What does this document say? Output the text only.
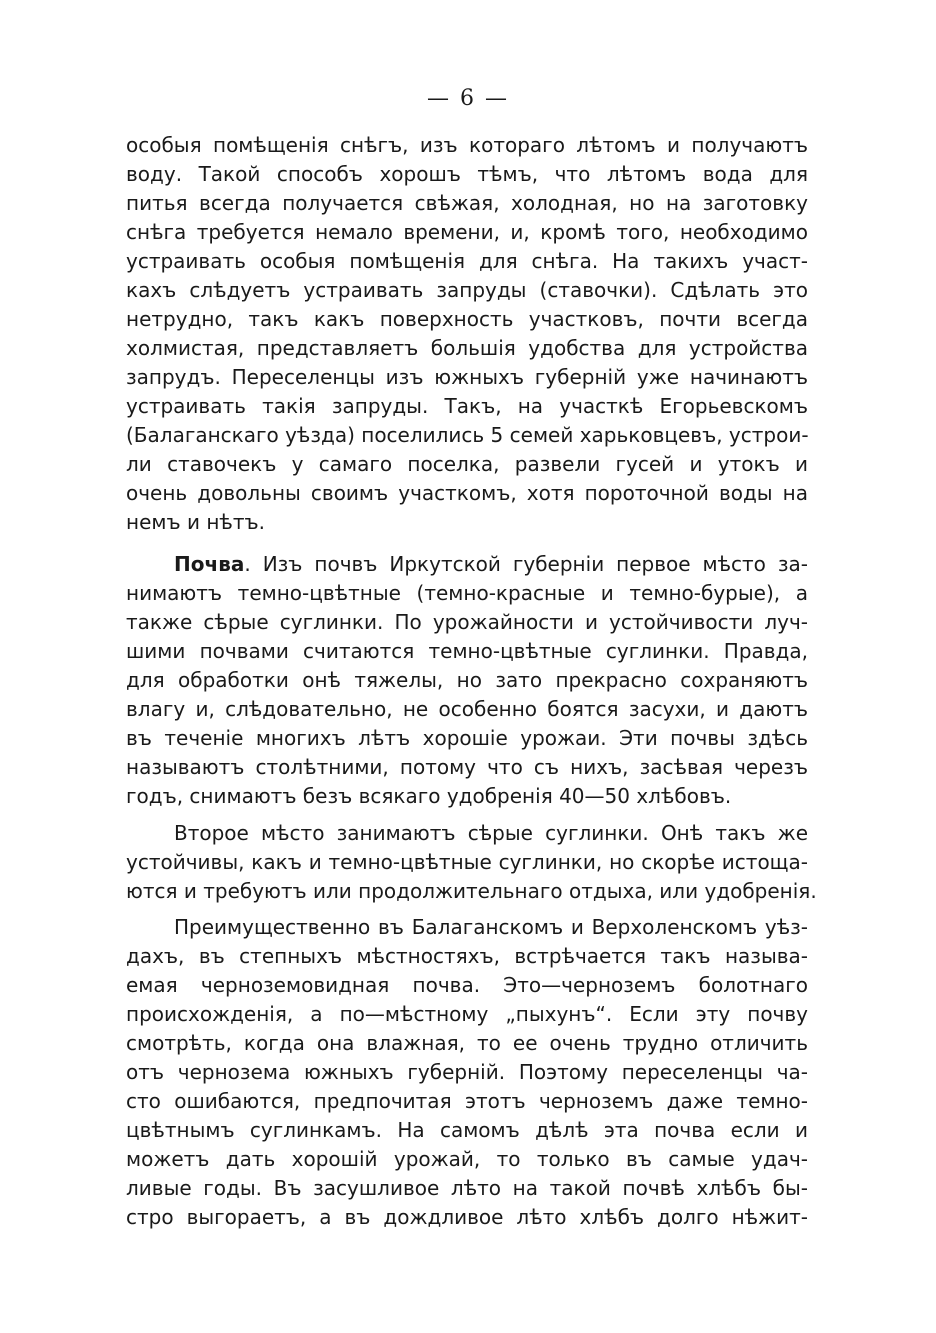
— 6 —
особыя помѣщенія снѣгъ, изъ котораго лѣтомъ и получаютъ
воду. Такой способъ хорошъ тѣмъ, что лѣтомъ вода для
питья всегда получается свѣжая, холодная, но на заготовку
снѣга требуется немало времени, и, кромѣ того, необходимо
устраивать особыя помѣщенія для снѣга. На такихъ участ-
кахъ слѣдуетъ устраивать запруды (ставочки). Сдѣлать это
нетрудно, такъ какъ поверхность участковъ, почти всегда
холмистая, представляетъ большія удобства для устройства
запрудъ. Переселенцы изъ южныхъ губерній уже начинаютъ
устраивать такія запруды. Такъ, на участкѣ Егорьевскомъ
(Балаганскаго уѣзда) поселились 5 семей харьковцевъ, устрои-
ли ставочекъ у самаго поселка, развели гусей и утокъ и
очень довольны своимъ участкомъ, хотя пороточной воды на
немъ и нѣтъ.
Почва. Изъ почвъ Иркутской губерніи первое мѣсто за-
нимаютъ темно-цвѣтные (темно-красные и темно-бурые), а
также сѣрые суглинки. По урожайности и устойчивости луч-
шими почвами считаются темно-цвѣтные суглинки. Правда,
для обработки онѣ тяжелы, но зато прекрасно сохраняютъ
влагу и, слѣдовательно, не особенно боятся засухи, и даютъ
въ теченіе многихъ лѣтъ хорошіе урожаи. Эти почвы здѣсь
называютъ столѣтними, потому что съ нихъ, засѣвая черезъ
годъ, снимаютъ безъ всякаго удобренія 40—50 хлѣбовъ.
Второе мѣсто занимаютъ сѣрые суглинки. Онѣ такъ же
устойчивы, какъ и темно-цвѣтные суглинки, но скорѣе истоща-
ются и требуютъ или продолжительнаго отдыха, или удобренія.
Преимущественно въ Балаганскомъ и Верхоленскомъ уѣз-
дахъ, въ степныхъ мѣстностяхъ, встрѣчается такъ называ-
емая черноземовидная почва. Это—черноземъ болотнаго
происхожденія, а по—мѣстному „пыхунъ“. Если эту почву
смотрѣть, когда она влажная, то ее очень трудно отличить
отъ чернозема южныхъ губерній. Поэтому переселенцы ча-
сто ошибаются, предпочитая этотъ черноземъ даже темно-
цвѣтнымъ суглинкамъ. На самомъ дѣлѣ эта почва если и
можетъ дать хорошій урожай, то только въ самые удач-
ливые годы. Въ засушливое лѣто на такой почвѣ хлѣбъ бы-
стро выгораетъ, а въ дождливое лѣто хлѣбъ долго нѣжит-
